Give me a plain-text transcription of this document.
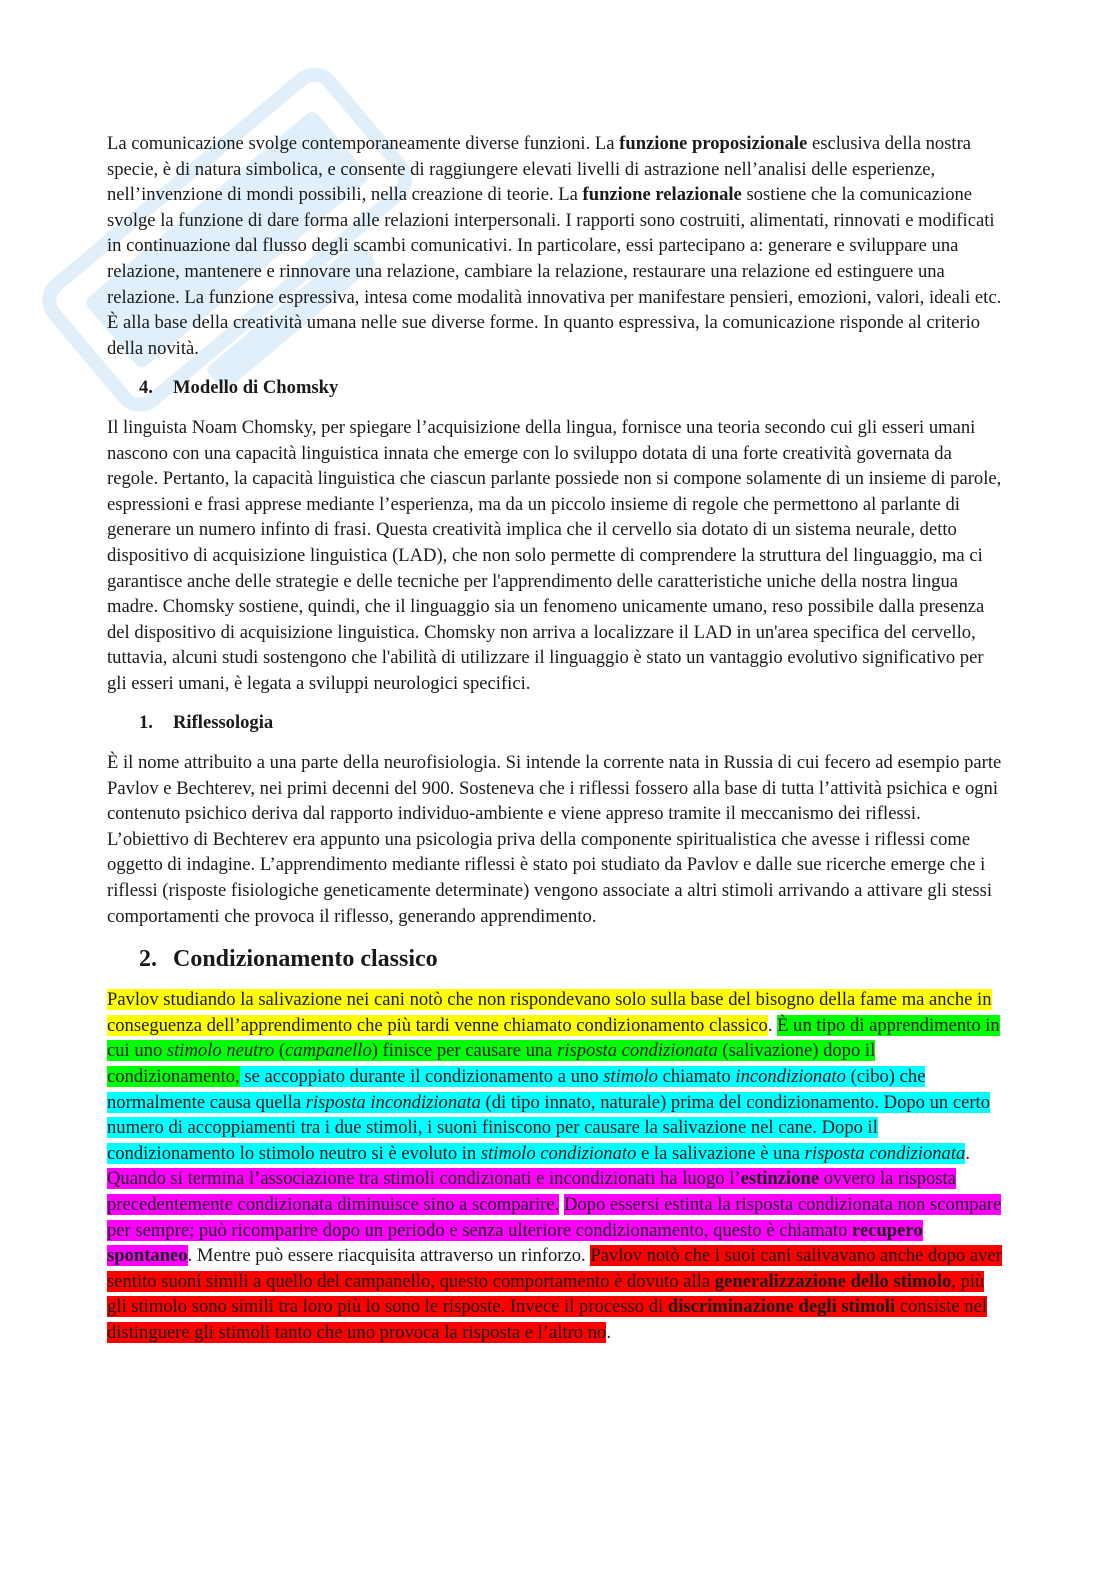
La comunicazione svolge contemporaneamente diverse funzioni. La funzione proposizionale esclusiva della nostra specie, è di natura simbolica, e consente di raggiungere elevati livelli di astrazione nell’analisi delle esperienze, nell’invenzione di mondi possibili, nella creazione di teorie. La funzione relazionale sostiene che la comunicazione svolge la funzione di dare forma alle relazioni interpersonali. I rapporti sono costruiti, alimentati, rinnovati e modificati in continuazione dal flusso degli scambi comunicativi. In particolare, essi partecipano a: generare e sviluppare una relazione, mantenere e rinnovare una relazione, cambiare la relazione, restaurare una relazione ed estinguere una relazione. La funzione espressiva, intesa come modalità innovativa per manifestare pensieri, emozioni, valori, ideali etc. È alla base della creatività umana nelle sue diverse forme. In quanto espressiva, la comunicazione risponde al criterio della novità.

4.	Modello di Chomsky

Il linguista Noam Chomsky, per spiegare l’acquisizione della lingua, fornisce una teoria secondo cui gli esseri umani nascono con una capacità linguistica innata che emerge con lo sviluppo dotata di una forte creatività governata da regole. Pertanto, la capacità linguistica che ciascun parlante possiede non si compone solamente di un insieme di parole, espressioni e frasi apprese mediante l’esperienza, ma da un piccolo insieme di regole che permettono al parlante di generare un numero infinto di frasi. Questa creatività implica che il cervello sia dotato di un sistema neurale, detto dispositivo di acquisizione linguistica (LAD), che non solo permette di comprendere la struttura del linguaggio, ma ci garantisce anche delle strategie e delle tecniche per l'apprendimento delle caratteristiche uniche della nostra lingua madre. Chomsky sostiene, quindi, che il linguaggio sia un fenomeno unicamente umano, reso possibile dalla presenza del dispositivo di acquisizione linguistica. Chomsky non arriva a localizzare il LAD in un'area specifica del cervello, tuttavia, alcuni studi sostengono che l'abilità di utilizzare il linguaggio è stato un vantaggio evolutivo significativo per gli esseri umani, è legata a sviluppi neurologici specifici.

1.	Riflessologia

È il nome attribuito a una parte della neurofisiologia. Si intende la corrente nata in Russia di cui fecero ad esempio parte Pavlov e Bechterev, nei primi decenni del 900. Sosteneva che i riflessi fossero alla base di tutta l’attività psichica e ogni contenuto psichico deriva dal rapporto individuo-ambiente e viene appreso tramite il meccanismo dei riflessi. L’obiettivo di Bechterev era appunto una psicologia priva della componente spiritualistica che avesse i riflessi come oggetto di indagine. L’apprendimento mediante riflessi è stato poi studiato da Pavlov e dalle sue ricerche emerge che i riflessi (risposte fisiologiche geneticamente determinate) vengono associate a altri stimoli arrivando a attivare gli stessi comportamenti che provoca il riflesso, generando apprendimento.

2. Condizionamento classico

Pavlov studiando la salivazione nei cani notò che non rispondevano solo sulla base del bisogno della fame ma anche in conseguenza dell’apprendimento che più tardi venne chiamato condizionamento classico. È un tipo di apprendimento in cui uno stimolo neutro (campanello) finisce per causare una risposta condizionata (salivazione) dopo il condizionamento, se accoppiato durante il condizionamento a uno stimolo chiamato incondizionato (cibo) che normalmente causa quella risposta incondizionata (di tipo innato, naturale) prima del condizionamento. Dopo un certo numero di accoppiamenti tra i due stimoli, i suoni finiscono per causare la salivazione nel cane. Dopo il condizionamento lo stimolo neutro si è evoluto in stimolo condizionato e la salivazione è una risposta condizionata. Quando si termina l’associazione tra stimoli condizionati e incondizionati ha luogo l’estinzione ovvero la risposta precedentemente condizionata diminuisce sino a scomparire. Dopo essersi estinta la risposta condizionata non scompare per sempre; può ricomparire dopo un periodo e senza ulteriore condizionamento, questo è chiamato recupero spontaneo. Mentre può essere riacquisita attraverso un rinforzo. Pavlov notò che i suoi cani salivavano anche dopo aver sentito suoni simili a quello del campanello, questo comportamento è dovuto alla generalizzazione dello stimolo, più gli stimolo sono simili tra loro più lo sono le risposte. Invece il processo di discriminazione degli stimoli consiste nel distinguere gli stimoli tanto che uno provoca la risposta e l’altro no.
